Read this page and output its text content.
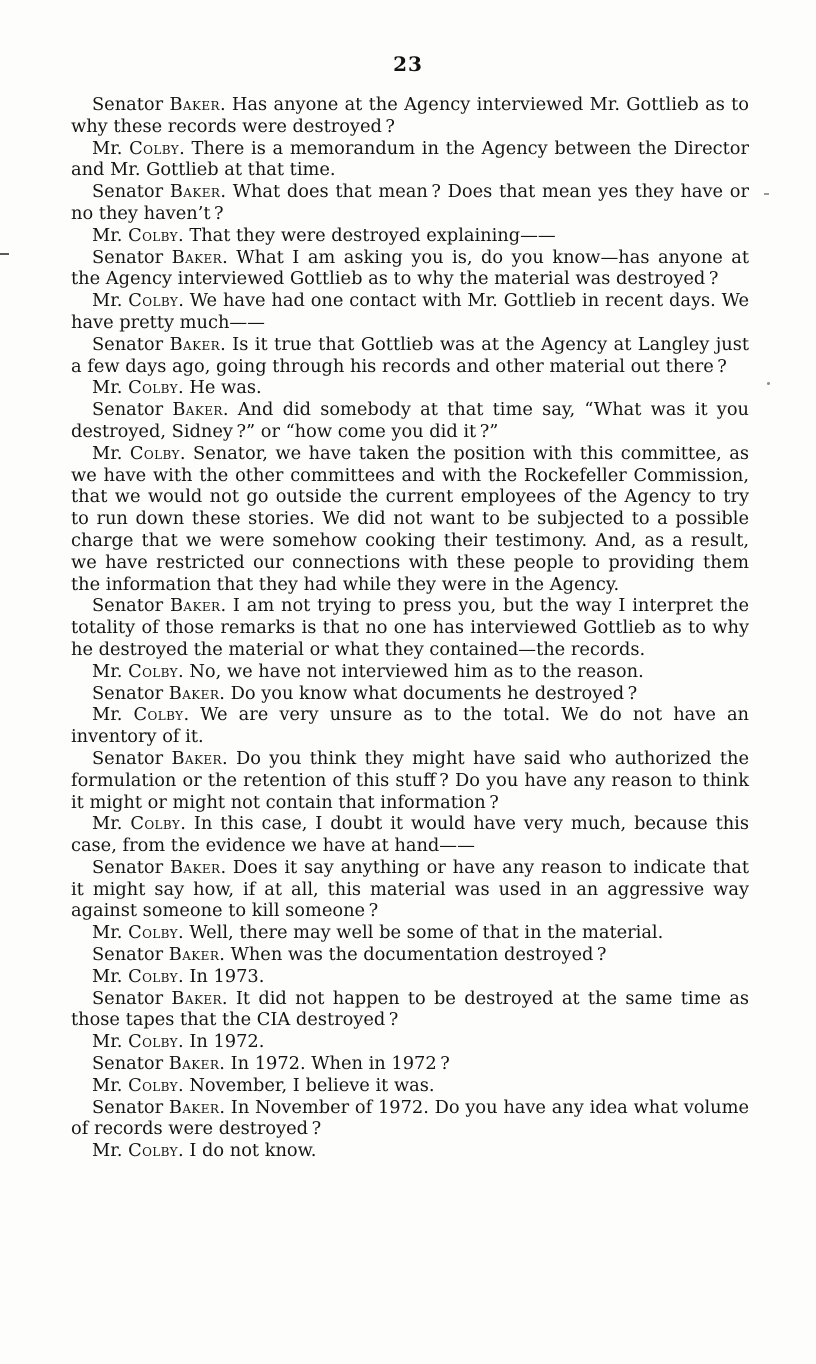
23

Senator Baker. Has anyone at the Agency interviewed Mr. Gottlieb as to why these records were destroyed ?

Mr. Colby. There is a memorandum in the Agency between the Director and Mr. Gottlieb at that time.

Senator Baker. What does that mean ? Does that mean yes they have or no they haven’t ?

Mr. Colby. That they were destroyed explaining——

Senator Baker. What I am asking you is, do you know—has anyone at the Agency interviewed Gottlieb as to why the material was destroyed ?

Mr. Colby. We have had one contact with Mr. Gottlieb in recent days. We have pretty much——

Senator Baker. Is it true that Gottlieb was at the Agency at Langley just a few days ago, going through his records and other material out there ?

Mr. Colby. He was.

Senator Baker. And did somebody at that time say, “What was it you destroyed, Sidney ?” or “how come you did it ?”

Mr. Colby. Senator, we have taken the position with this committee, as we have with the other committees and with the Rockefeller Commission, that we would not go outside the current employees of the Agency to try to run down these stories. We did not want to be subjected to a possible charge that we were somehow cooking their testimony. And, as a result, we have restricted our connections with these people to providing them the information that they had while they were in the Agency.

Senator Baker. I am not trying to press you, but the way I interpret the totality of those remarks is that no one has interviewed Gottlieb as to why he destroyed the material or what they contained—the records.

Mr. Colby. No, we have not interviewed him as to the reason.

Senator Baker. Do you know what documents he destroyed ?

Mr. Colby. We are very unsure as to the total. We do not have an inventory of it.

Senator Baker. Do you think they might have said who authorized the formulation or the retention of this stuff ? Do you have any reason to think it might or might not contain that information ?

Mr. Colby. In this case, I doubt it would have very much, because this case, from the evidence we have at hand——

Senator Baker. Does it say anything or have any reason to indicate that it might say how, if at all, this material was used in an aggressive way against someone to kill someone ?

Mr. Colby. Well, there may well be some of that in the material.

Senator Baker. When was the documentation destroyed ?

Mr. Colby. In 1973.

Senator Baker. It did not happen to be destroyed at the same time as those tapes that the CIA destroyed ?

Mr. Colby. In 1972.

Senator Baker. In 1972. When in 1972 ?

Mr. Colby. November, I believe it was.

Senator Baker. In November of 1972. Do you have any idea what volume of records were destroyed ?

Mr. Colby. I do not know.
